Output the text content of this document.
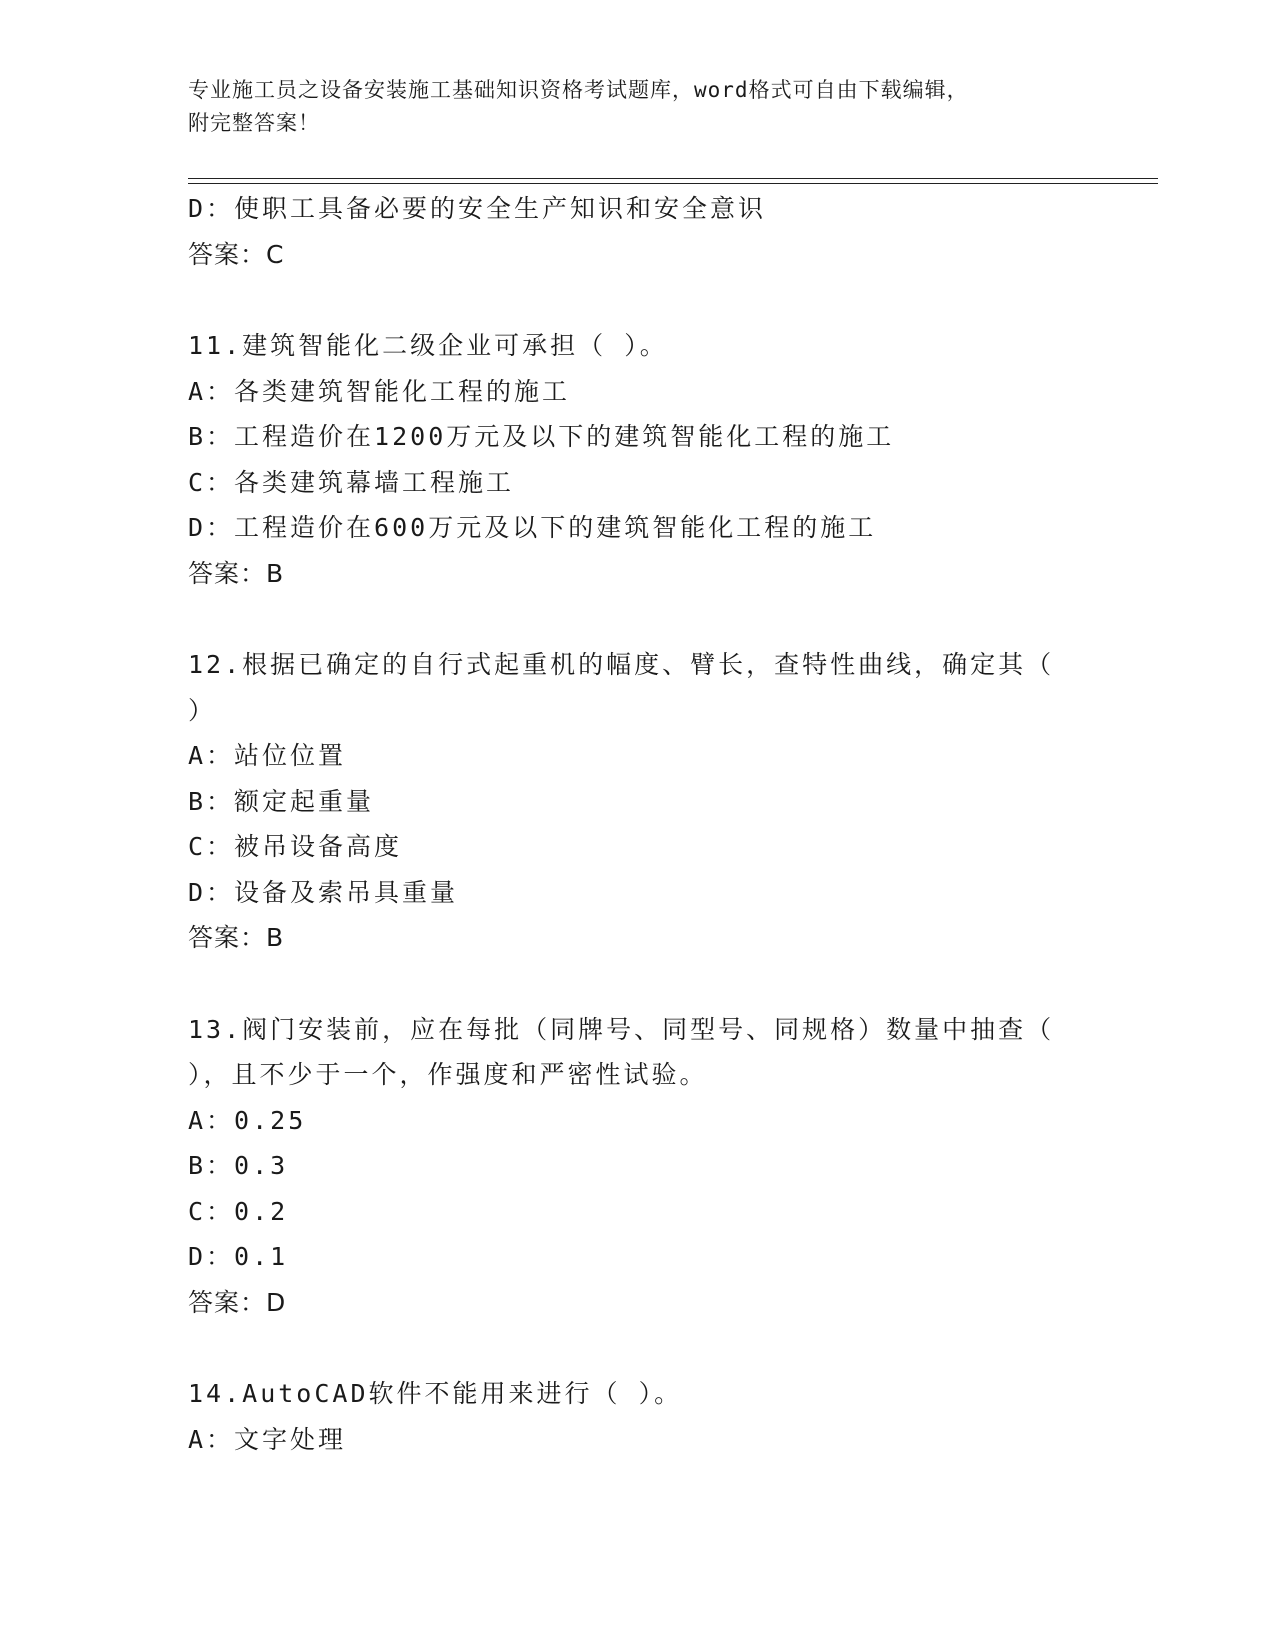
专业施工员之设备安装施工基础知识资格考试题库，word格式可自由下载编辑，
附完整答案！
D：使职工具备必要的安全生产知识和安全意识
答案：C
11.建筑智能化二级企业可承担（ ）。
A：各类建筑智能化工程的施工
B：工程造价在1200万元及以下的建筑智能化工程的施工
C：各类建筑幕墙工程施工
D：工程造价在600万元及以下的建筑智能化工程的施工
答案：B
12.根据已确定的自行式起重机的幅度、臂长，查特性曲线，确定其（
）
A：站位位置
B：额定起重量
C：被吊设备高度
D：设备及索吊具重量
答案：B
13.阀门安装前，应在每批（同牌号、同型号、同规格）数量中抽查（
），且不少于一个，作强度和严密性试验。
A：0.25
B：0.3
C：0.2
D：0.1
答案：D
14.AutoCAD软件不能用来进行（ ）。
A：文字处理
